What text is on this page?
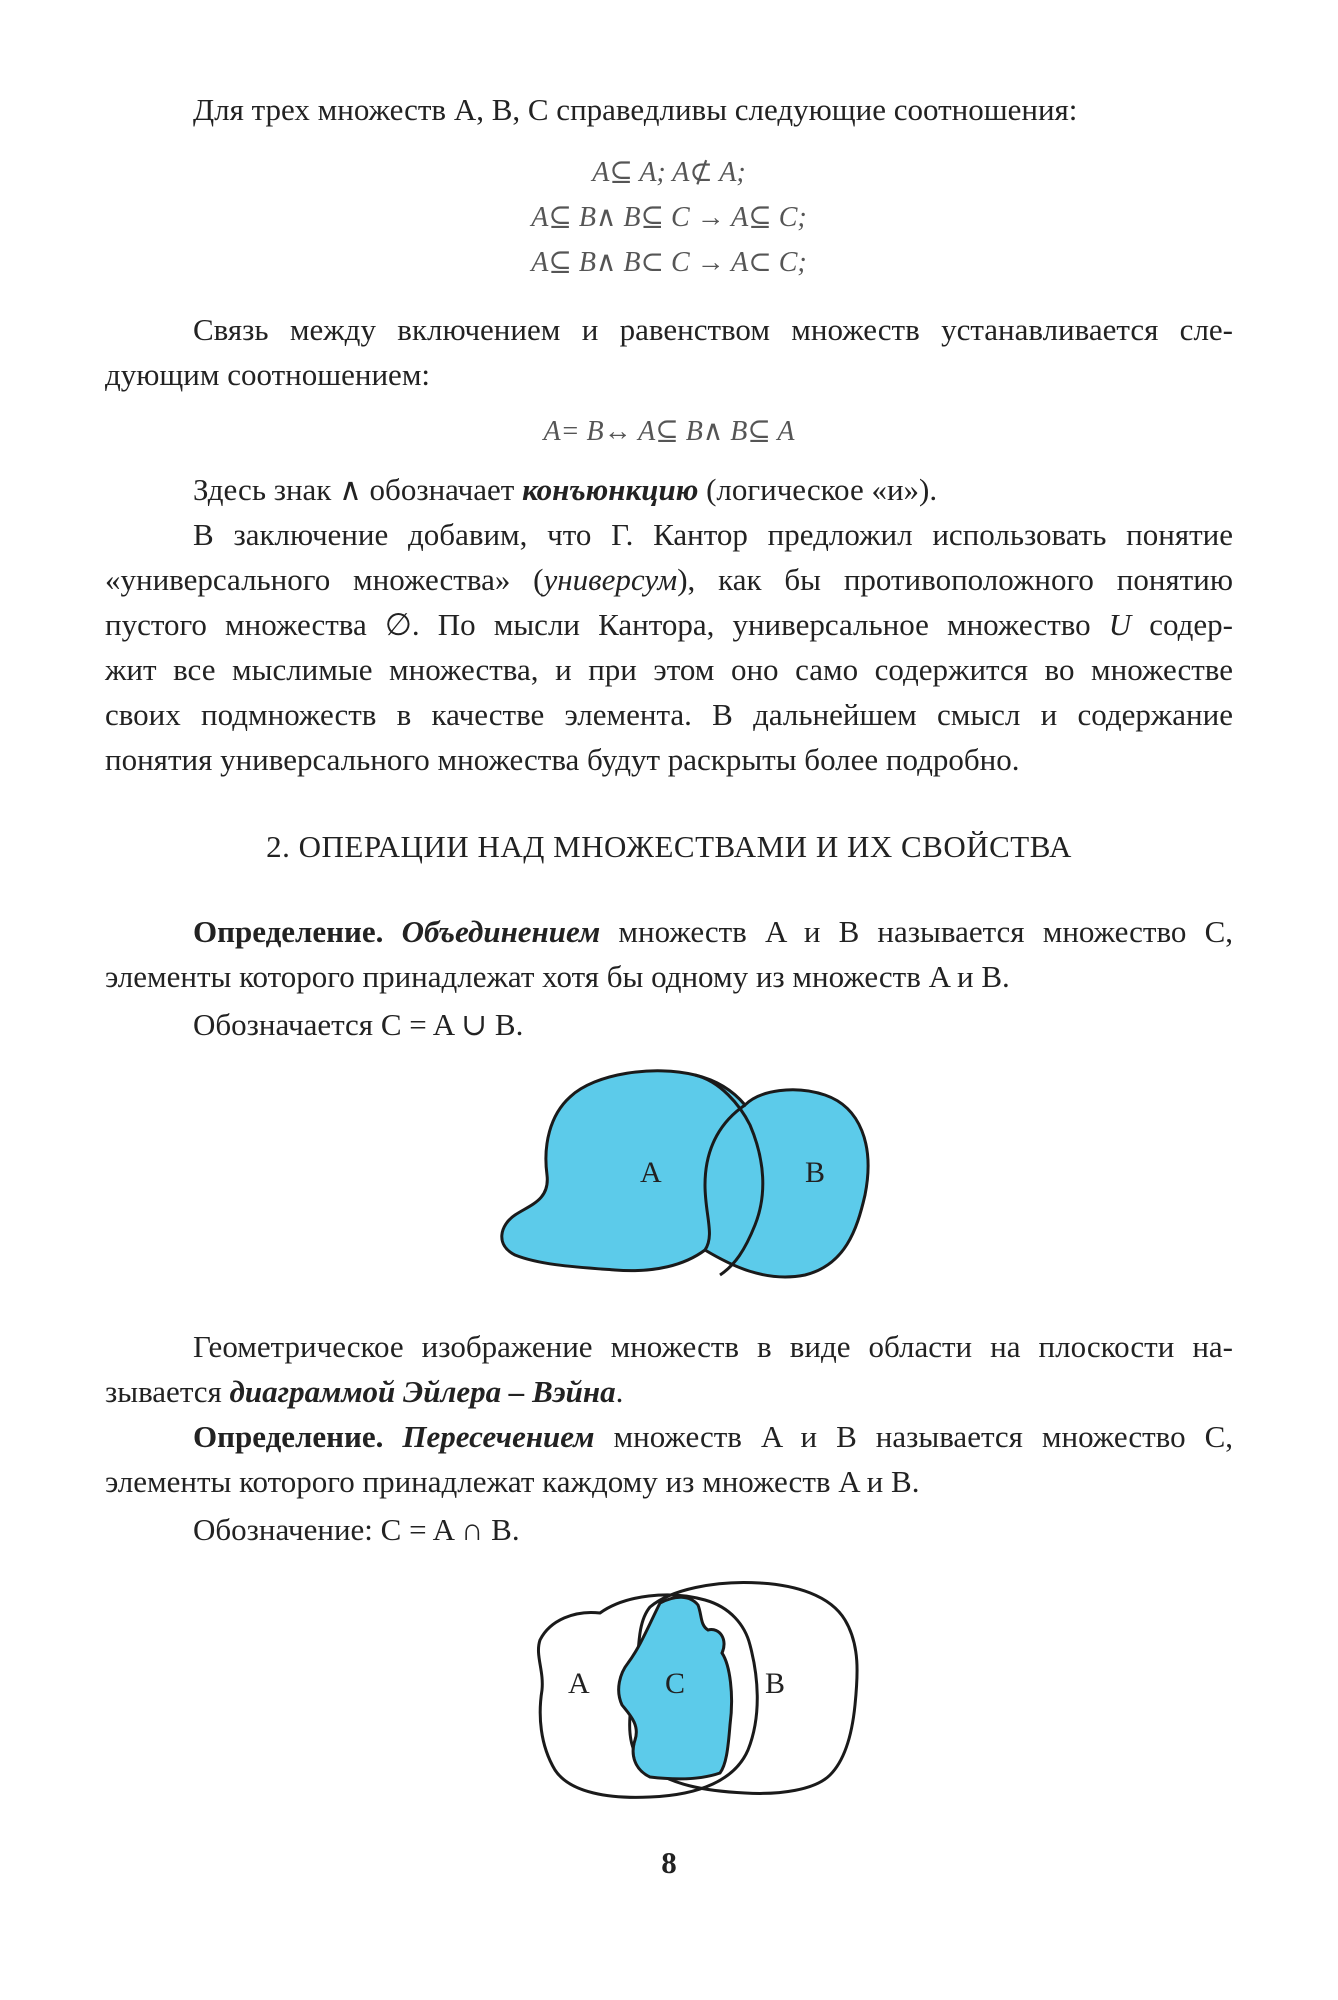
Для трех множеств A, B, C справедливы следующие соотношения:
A⊆ A; A⊄ A;
A⊆ B∧ B⊆ C → A⊆ C;
A⊆ B∧ B⊂ C → A⊂ C;
Связь между включением и равенством множеств устанавливается сле-
дующим соотношением:
A= B↔ A⊆ B∧ B⊆ A
Здесь знак ∧ обозначает конъюнкцию (логическое «и»).
В заключение добавим, что Г. Кантор предложил использовать понятие
«универсального множества» (универсум), как бы противоположного понятию
пустого множества ∅. По мысли Кантора, универсальное множество U содер-
жит все мыслимые множества, и при этом оно само содержится во множестве
своих подмножеств в качестве элемента. В дальнейшем смысл и содержание
понятия универсального множества будут раскрыты более подробно.
2. ОПЕРАЦИИ НАД МНОЖЕСТВАМИ И ИХ СВОЙСТВА
Определение. Объединением множеств A и B называется множество C,
элементы которого принадлежат хотя бы одному из множеств A и B.
Обозначается C = A ∪ B.
A	B
Геометрическое изображение множеств в виде области на плоскости на-
зывается диаграммой Эйлера – Вэйна.
Определение. Пересечением множеств A и B называется множество C,
элементы которого принадлежат каждому из множеств A и B.
Обозначение: C = A ∩ B.
A	C	B
8
